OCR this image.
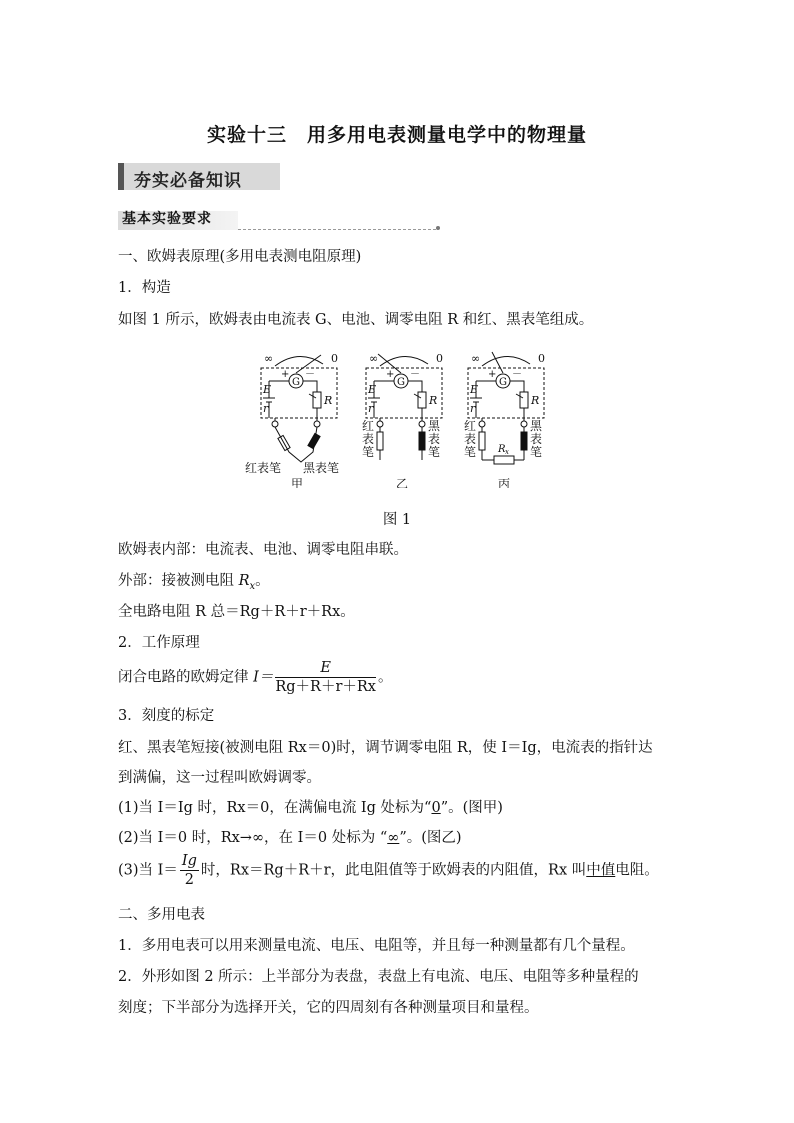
实验十三　用多用电表测量电学中的物理量
夯实必备知识
基本实验要求
一、欧姆表原理(多用电表测电阻原理)
1．构造
如图 1 所示，欧姆表由电流表 G、电池、调零电阻 R 和红、黑表笔组成。
∞	0
G
+ －
E
r
R
红表笔 黑表笔
甲
∞	0
G
+ －
E
r
R
红	黑
表	表
笔	笔
乙
∞	0
G
+ －
E
r
R
红	黑
表	表
笔	笔
丙
R x
图 1
欧姆表内部：电流表、电池、调零电阻串联。
外部：接被测电阻 $R_x$。
全电路电阻 R 总＝Rg＋R＋r＋Rx。
2．工作原理
闭合电路的欧姆定律 $I= \frac{E}{Rg+R+r+Rx}$ 。
3．刻度的标定
红、黑表笔短接(被测电阻 Rx＝0)时，调节调零电阻 R，使 I＝Ig，电流表的指针达
到满偏，这一过程叫欧姆调零。
(1)当 I＝Ig 时，Rx＝0，在满偏电流 Ig 处标为“0”。(图甲)
(2)当 I＝0 时，Rx→∞，在 I＝0 处标为 “∞”。(图乙)
(3)当 $I= \frac{Ig}{2}$ 时，Rx＝Rg＋R＋r，此电阻值等于欧姆表的内阻值，Rx 叫中值电阻。
二、多用电表
1．多用电表可以用来测量电流、电压、电阻等，并且每一种测量都有几个量程。
2．外形如图 2 所示：上半部分为表盘，表盘上有电流、电压、电阻等多种量程的
刻度；下半部分为选择开关，它的四周刻有各种测量项目和量程。
